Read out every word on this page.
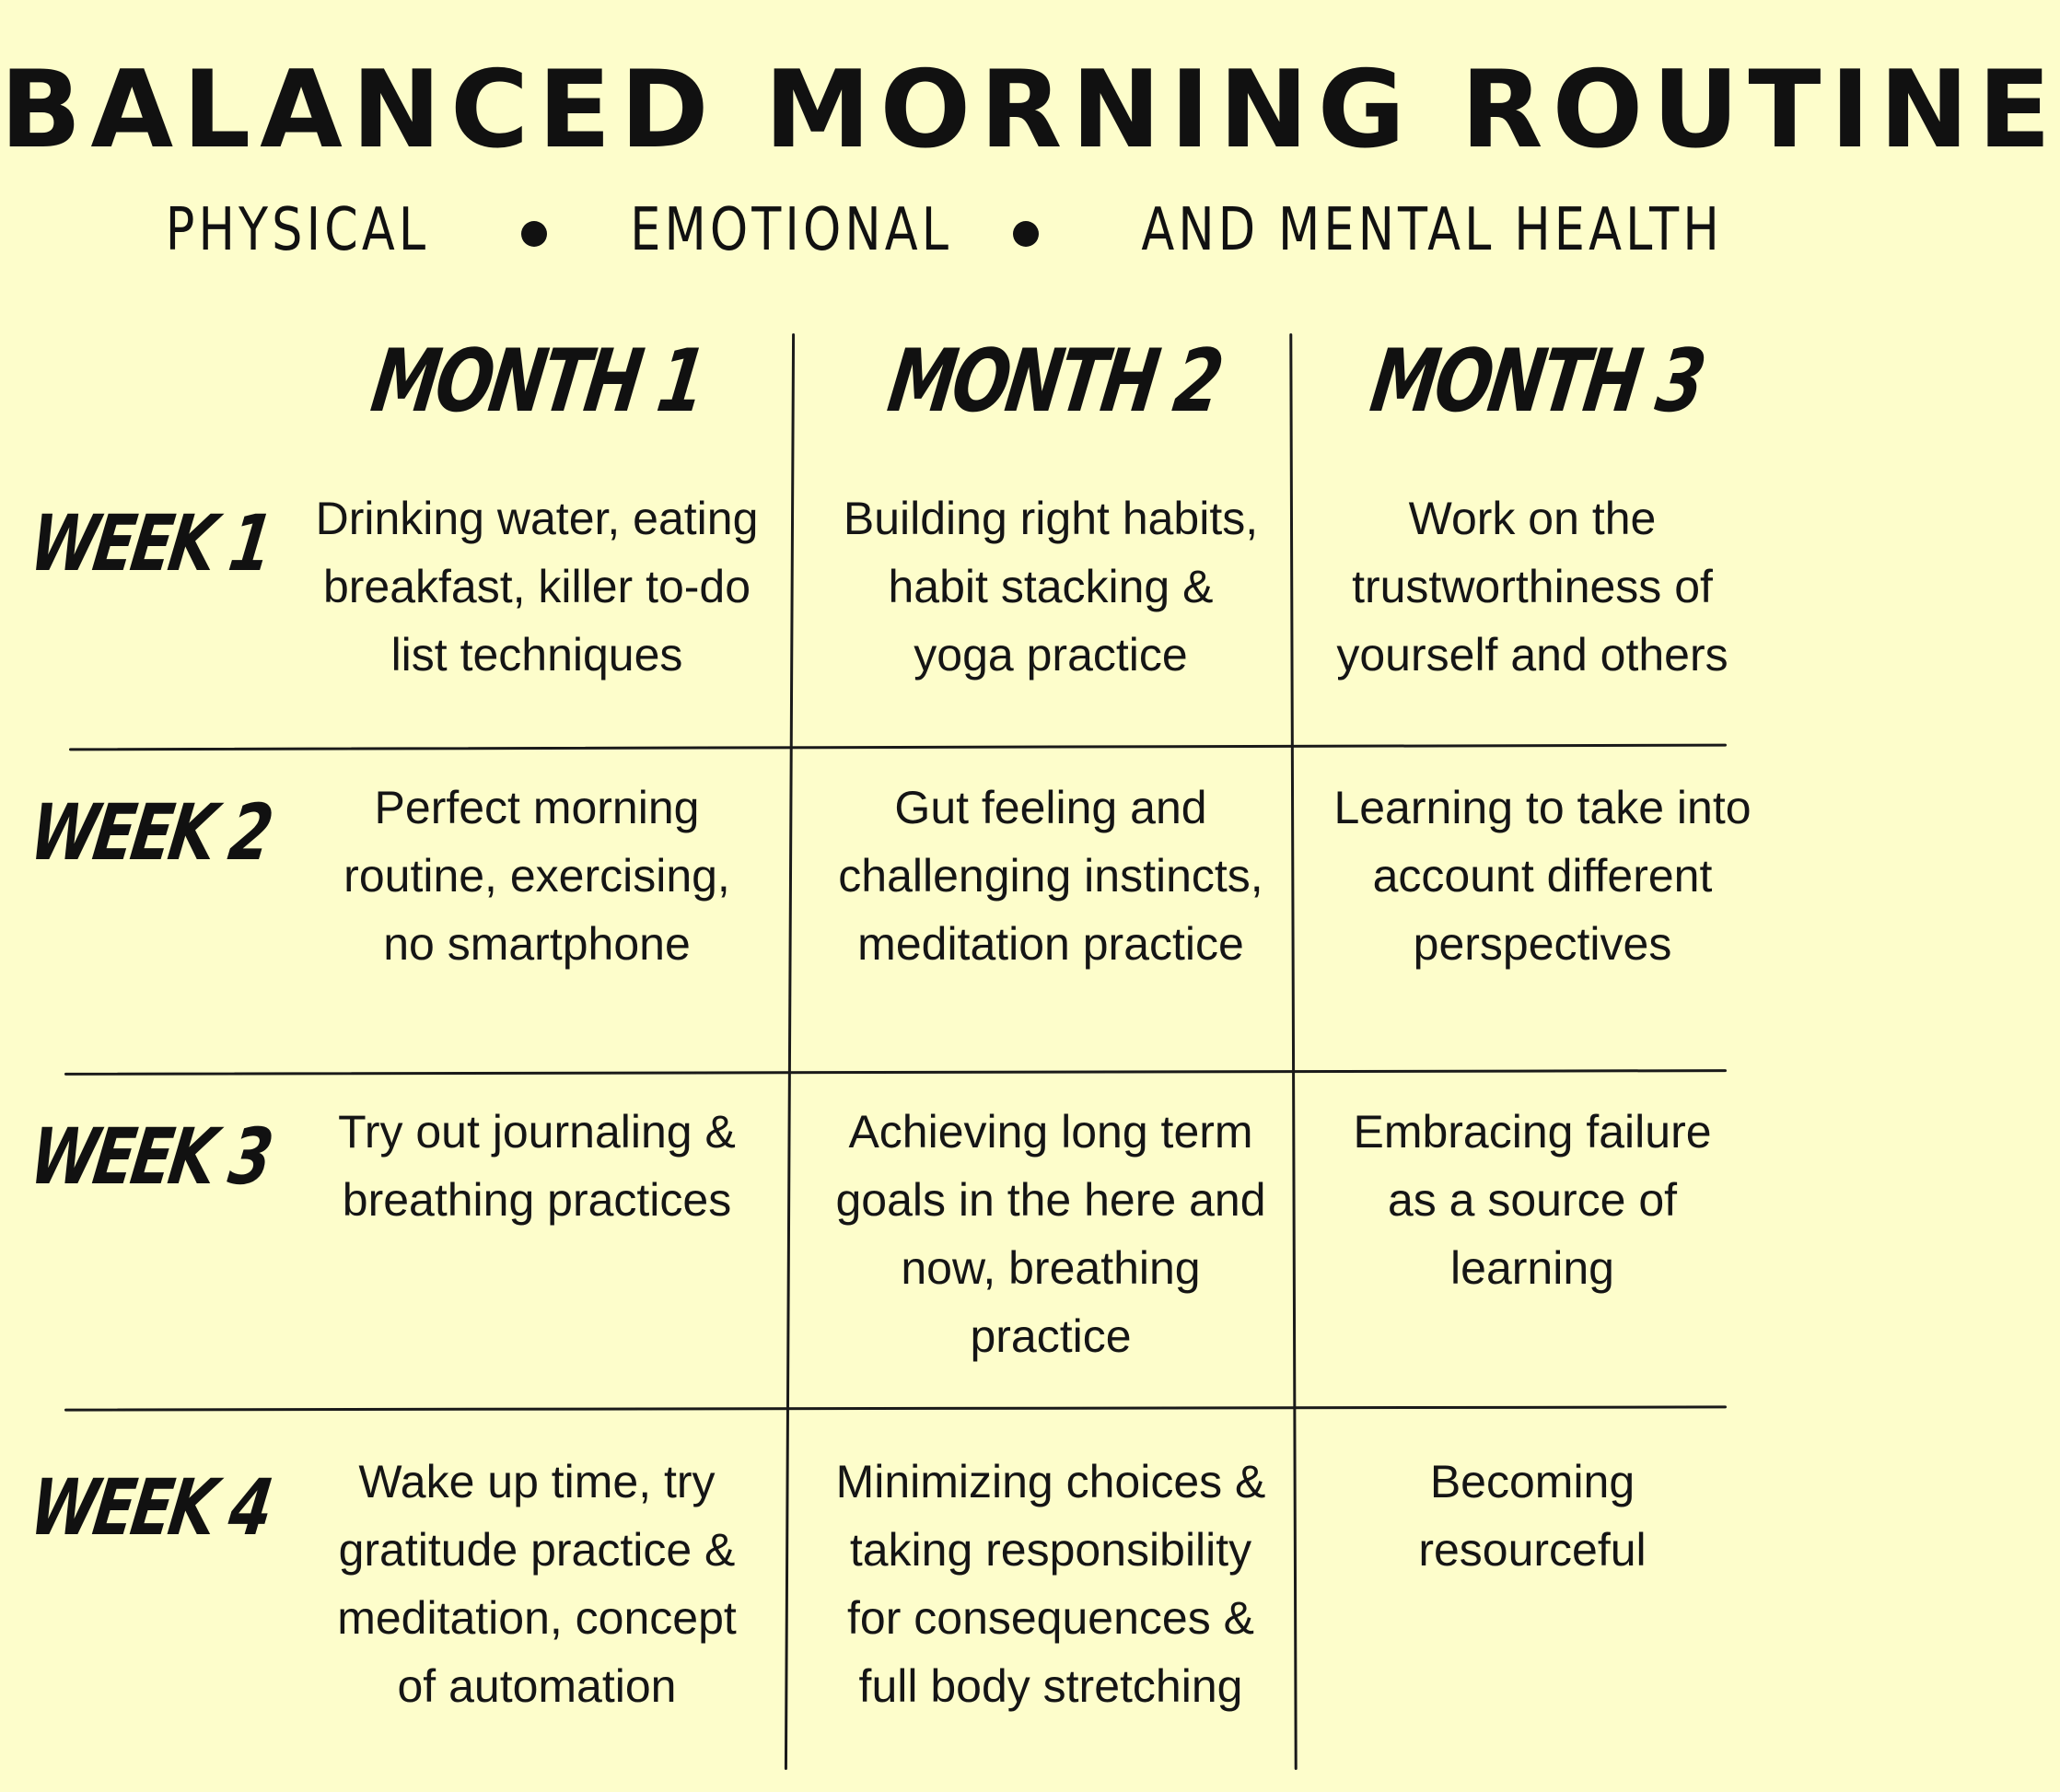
BALANCED MORNING ROUTINE
PHYSICAL	EMOTIONAL	AND MENTAL HEALTH
MONTH 1 MONTH 2 MONTH 3
WEEK 1
WEEK 2
WEEK 3
WEEK 4
Drinking water, eating
breakfast, killer to-do
list techniques
Building right habits,
habit stacking &
yoga practice
Work on the
trustworthiness of
yourself and others
Perfect morning
routine, exercising,
no smartphone
Gut feeling and
challenging instincts,
meditation practice
Learning to take into
account different
perspectives
Try out journaling &
breathing practices
Achieving long term
goals in the here and
now, breathing
practice
Embracing failure
as a source of
learning
Wake up time, try
gratitude practice &
meditation, concept
of automation
Minimizing choices &
taking responsibility
for consequences &
full body stretching
Becoming
resourceful
